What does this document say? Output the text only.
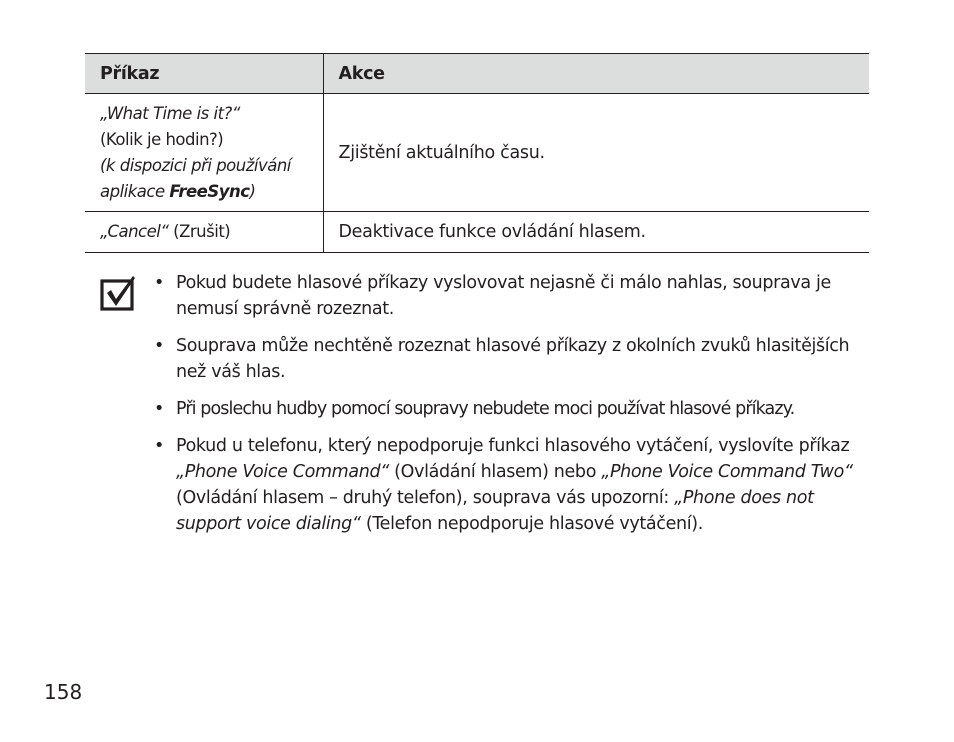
Příkaz	Akce

„What Time is it?“
(Kolik je hodin?)
(k dispozici při používání
aplikace FreeSync)	Zjištění aktuálního času.
„Cancel“ (Zrušit)	Deaktivace funkce ovládání hlasem.
• Pokud budete hlasové příkazy vyslovovat nejasně či málo nahlas, souprava je nemusí správně rozeznat.
• Souprava může nechtěně rozeznat hlasové příkazy z okolních zvuků hlasitějších než váš hlas.
• Při poslechu hudby pomocí soupravy nebudete moci používat hlasové příkazy.
• Pokud u telefonu, který nepodporuje funkci hlasového vytáčení, vyslovíte příkaz „Phone Voice Command“ (Ovládání hlasem) nebo „Phone Voice Command Two“ (Ovládání hlasem – druhý telefon), souprava vás upozorní: „Phone does not support voice dialing“ (Telefon nepodporuje hlasové vytáčení).
158
